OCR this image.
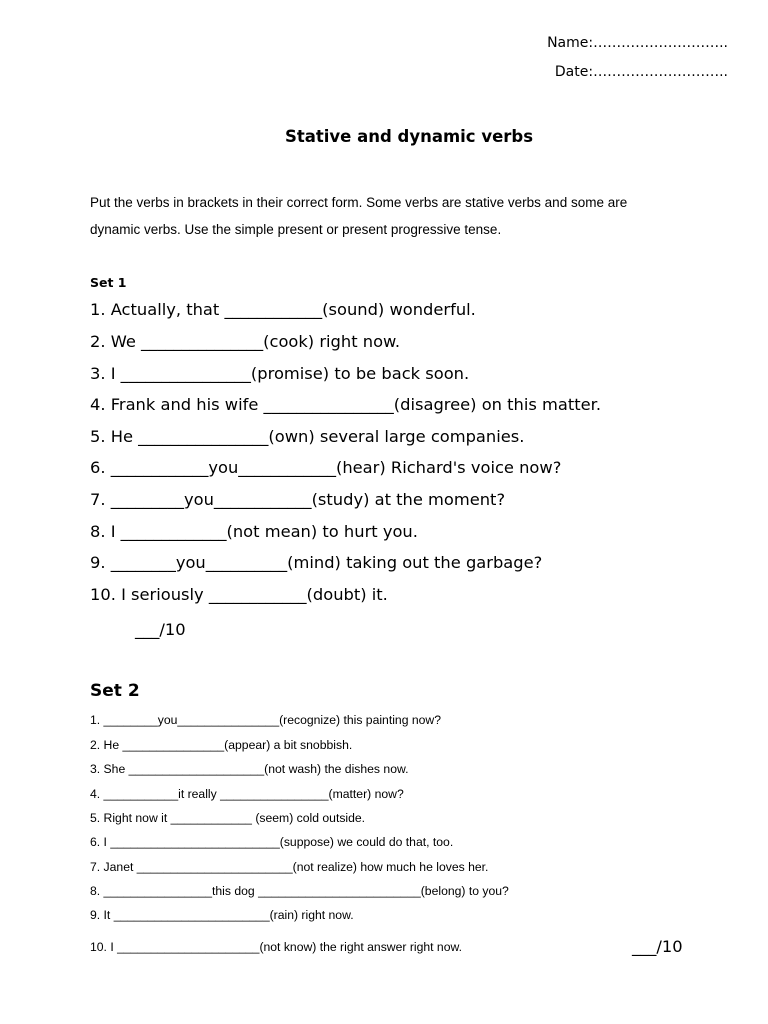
Name:………………………..
Date:………………………..
Stative and dynamic verbs
Put the verbs in brackets in their correct form. Some verbs are stative verbs and some are
dynamic verbs. Use the simple present or present progressive tense.
Set 1
1. Actually, that ____________(sound) wonderful.
2. We _______________(cook) right now.
3. I ________________(promise) to be back soon.
4. Frank and his wife ________________(disagree) on this matter.
5. He ________________(own) several large companies.
6. ____________you____________(hear) Richard's voice now?
7. _________you____________(study) at the moment?
8. I _____________(not mean) to hurt you.
9. ________you__________(mind) taking out the garbage?
10. I seriously ____________(doubt) it.
___/10
Set 2
1. ________you_______________(recognize) this painting now?
2. He _______________(appear) a bit snobbish.
3. She ____________________(not wash) the dishes now.
4. ___________it really ________________(matter) now?
5. Right now it ____________ (seem) cold outside.
6. I _________________________(suppose) we could do that, too.
7. Janet _______________________(not realize) how much he loves her.
8. ________________this dog ________________________(belong) to you?
9. It _______________________(rain) right now.
10. I _____________________(not know) the right answer right now.	___/10
